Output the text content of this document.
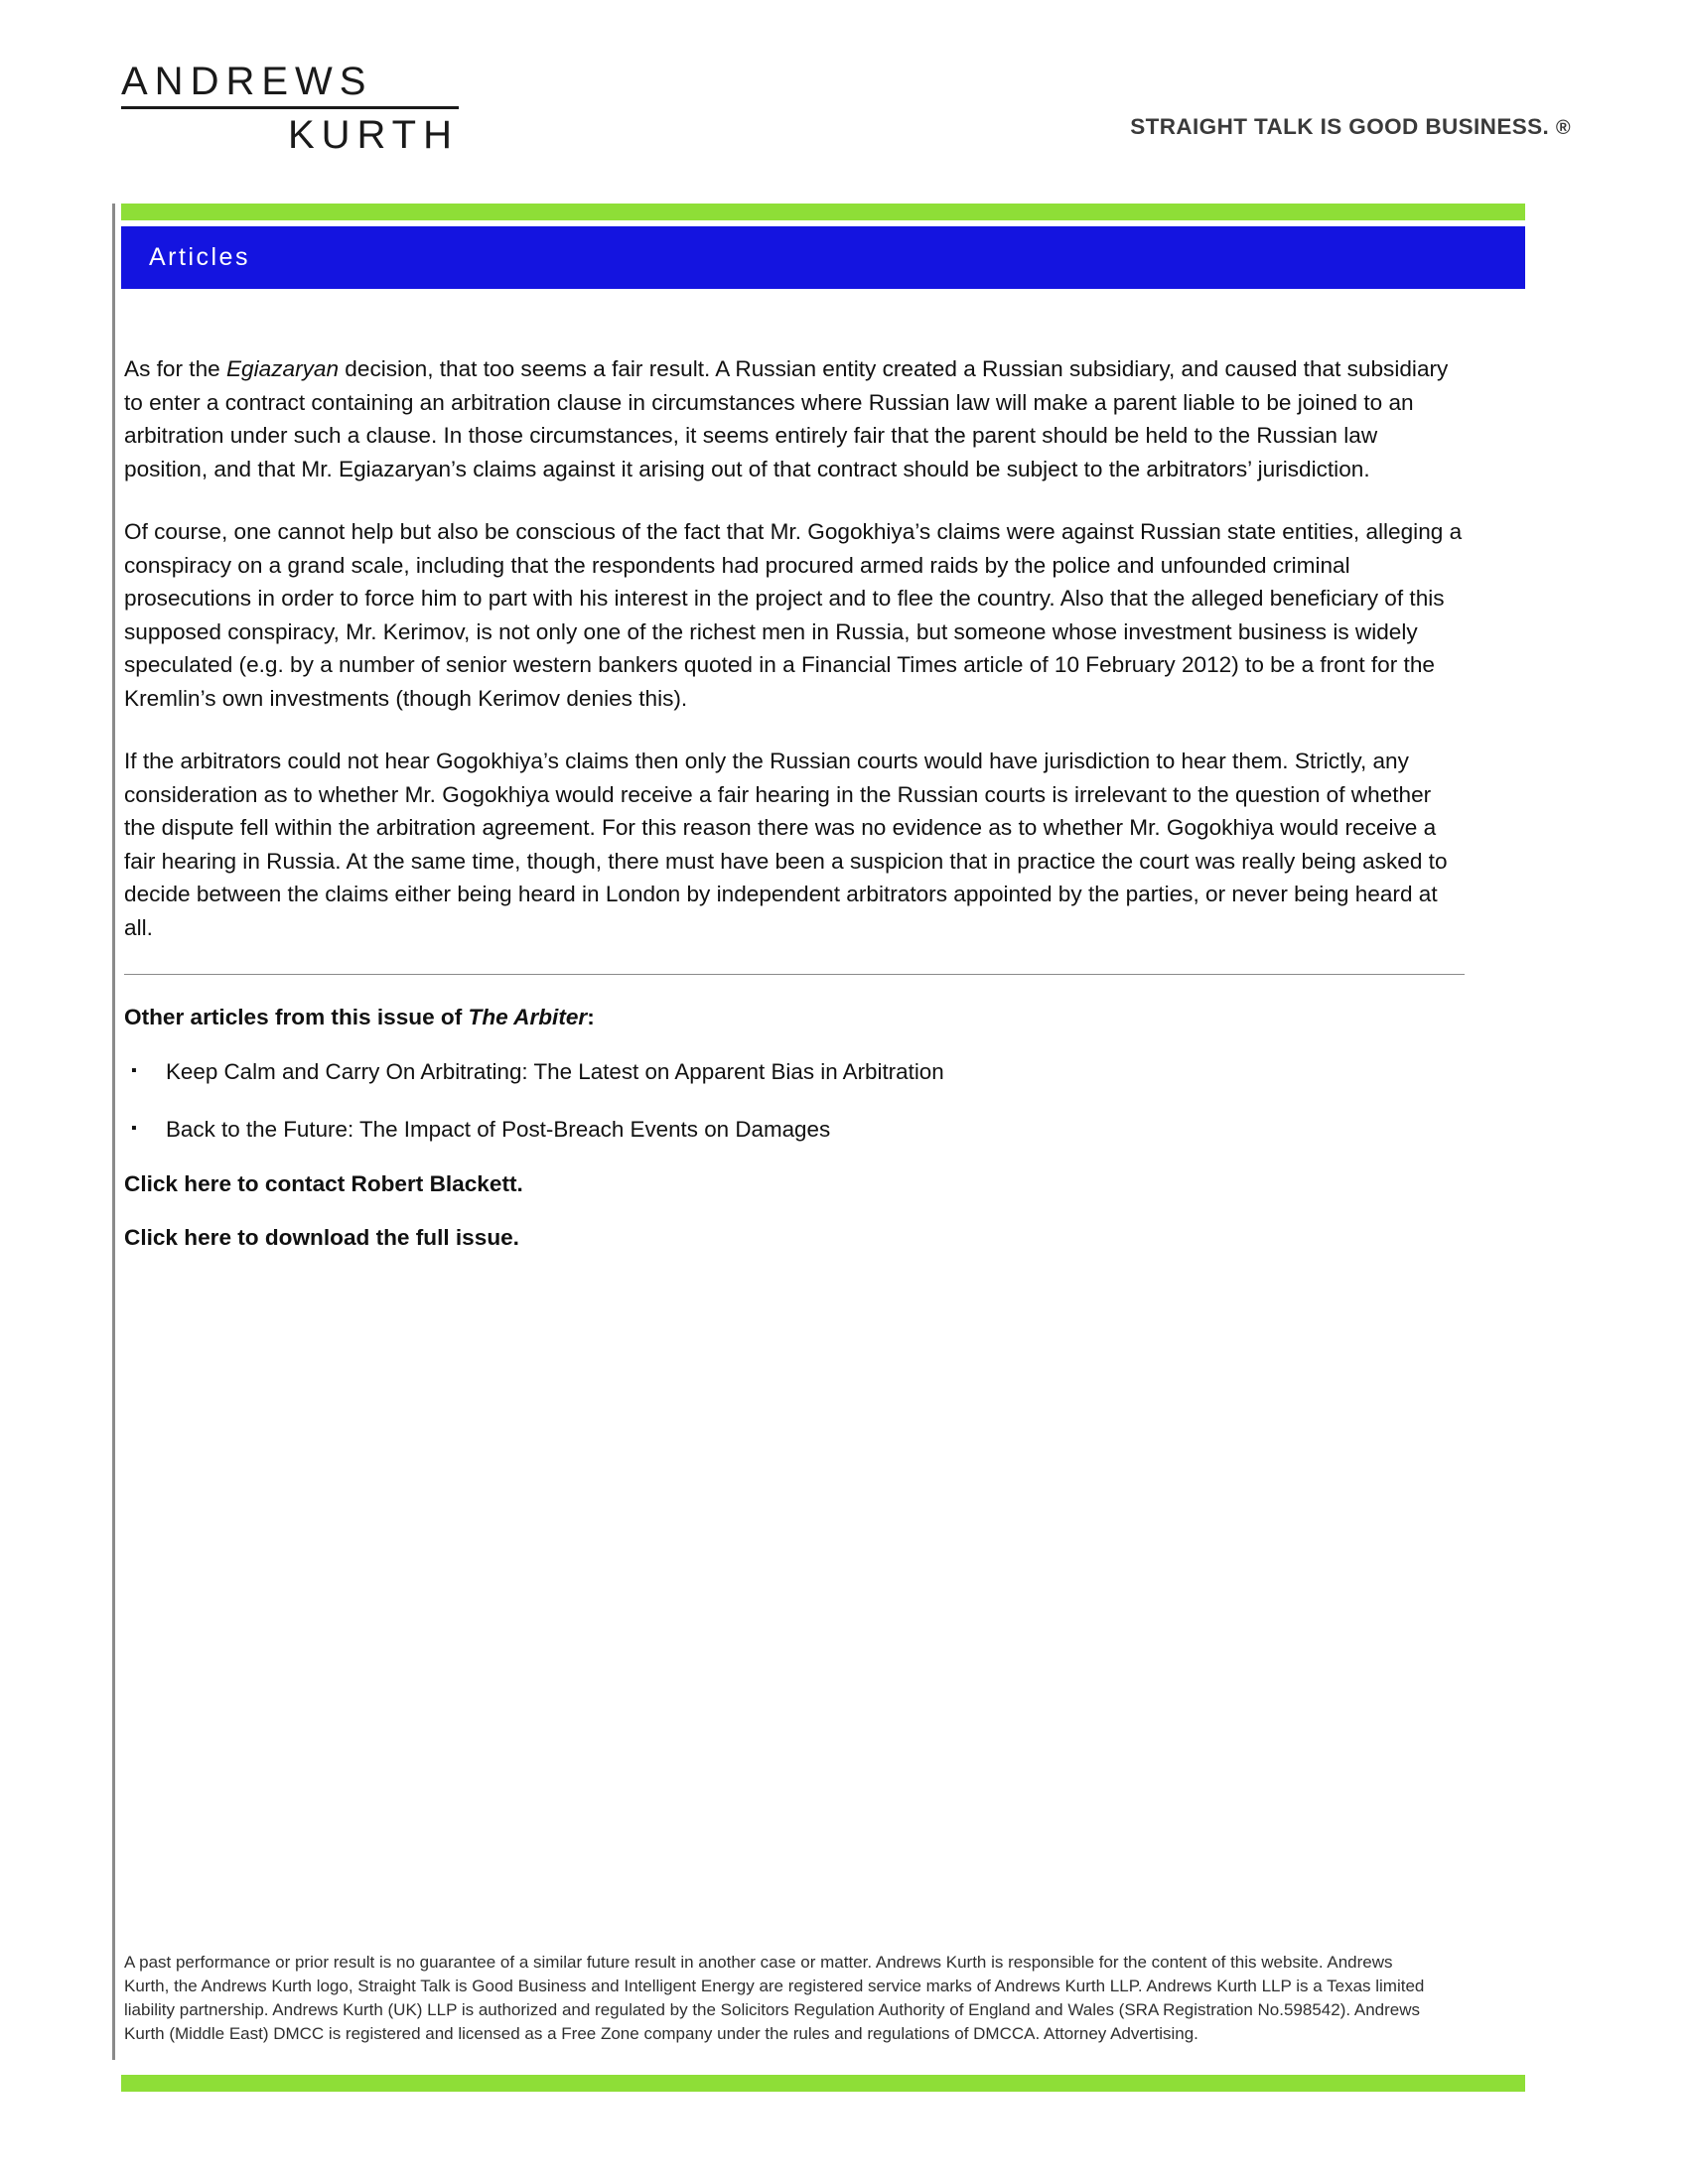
ANDREWS
KURTH	STRAIGHT TALK IS GOOD BUSINESS. ®
Articles

As for the Egiazaryan decision, that too seems a fair result. A Russian entity created a Russian subsidiary, and caused that subsidiary to enter a contract containing an arbitration clause in circumstances where Russian law will make a parent liable to be joined to an arbitration under such a clause. In those circumstances, it seems entirely fair that the parent should be held to the Russian law position, and that Mr. Egiazaryan’s claims against it arising out of that contract should be subject to the arbitrators’ jurisdiction.

Of course, one cannot help but also be conscious of the fact that Mr. Gogokhiya’s claims were against Russian state entities, alleging a conspiracy on a grand scale, including that the respondents had procured armed raids by the police and unfounded criminal prosecutions in order to force him to part with his interest in the project and to flee the country. Also that the alleged beneficiary of this supposed conspiracy, Mr. Kerimov, is not only one of the richest men in Russia, but someone whose investment business is widely speculated (e.g. by a number of senior western bankers quoted in a Financial Times article of 10 February 2012) to be a front for the Kremlin’s own investments (though Kerimov denies this).

If the arbitrators could not hear Gogokhiya’s claims then only the Russian courts would have jurisdiction to hear them. Strictly, any consideration as to whether Mr. Gogokhiya would receive a fair hearing in the Russian courts is irrelevant to the question of whether the dispute fell within the arbitration agreement. For this reason there was no evidence as to whether Mr. Gogokhiya would receive a fair hearing in Russia. At the same time, though, there must have been a suspicion that in practice the court was really being asked to decide between the claims either being heard in London by independent arbitrators appointed by the parties, or never being heard at all.

Other articles from this issue of The Arbiter:
▪ Keep Calm and Carry On Arbitrating: The Latest on Apparent Bias in Arbitration
▪ Back to the Future: The Impact of Post-Breach Events on Damages
Click here to contact Robert Blackett.
Click here to download the full issue.
A past performance or prior result is no guarantee of a similar future result in another case or matter. Andrews Kurth is responsible for the content of this website. Andrews Kurth, the Andrews Kurth logo, Straight Talk is Good Business and Intelligent Energy are registered service marks of Andrews Kurth LLP. Andrews Kurth LLP is a Texas limited liability partnership. Andrews Kurth (UK) LLP is authorized and regulated by the Solicitors Regulation Authority of England and Wales (SRA Registration No.598542). Andrews Kurth (Middle East) DMCC is registered and licensed as a Free Zone company under the rules and regulations of DMCCA. Attorney Advertising.
